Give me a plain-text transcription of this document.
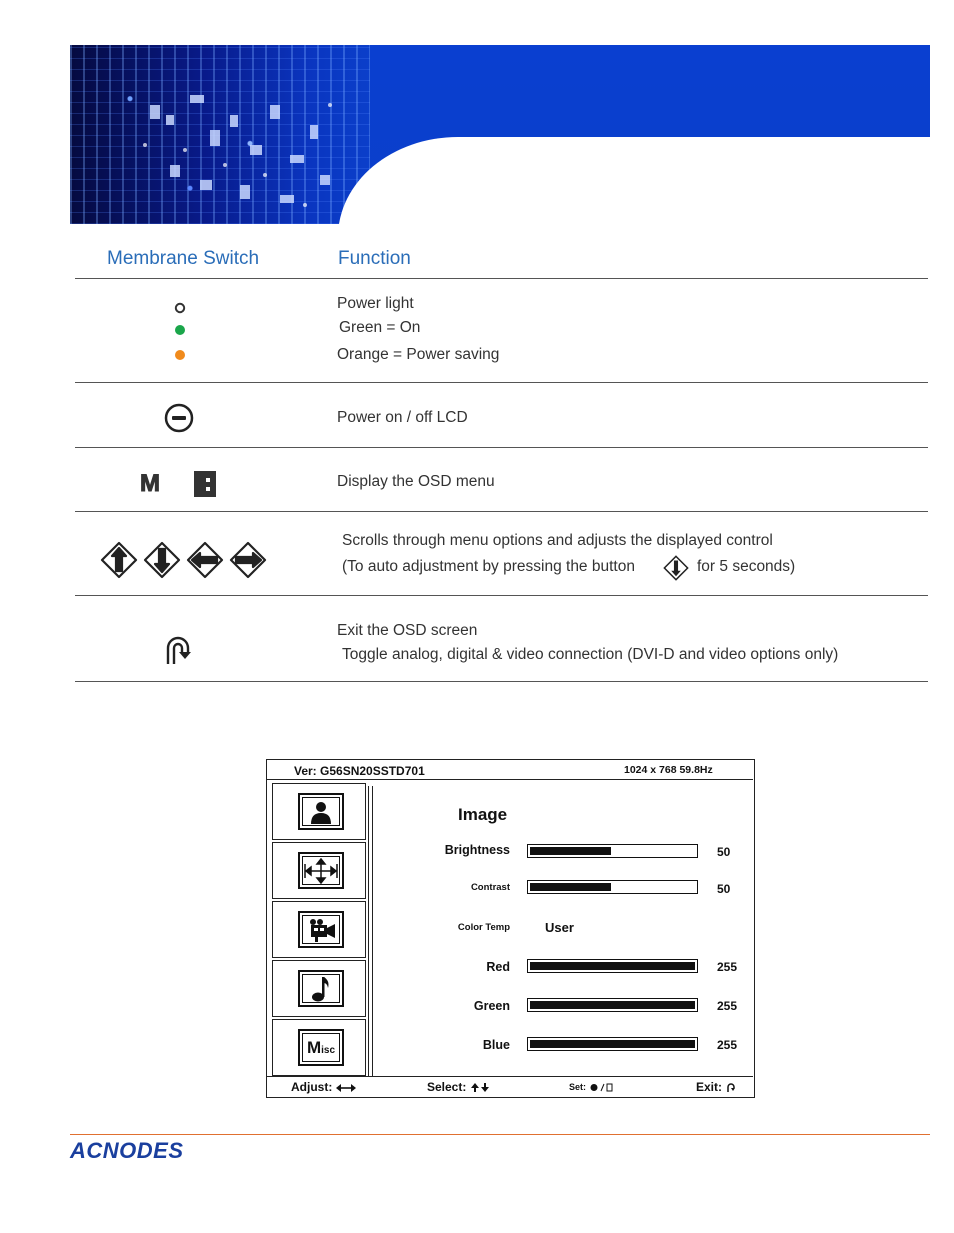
Membrane Switch	Function
Power light
Green = On
Orange = Power saving
Power on / off LCD
M	Display the OSD menu
Scrolls through menu options and adjusts the displayed control
(To auto adjustment by pressing the button	for 5 seconds)
Exit the OSD screen
Toggle analog, digital & video connection (DVI-D and video options only)
Ver: G56SN20SSTD701	1024 x 768 59.8Hz
M isc
Image
Brightness	50
Contrast	50
Color Temp	User
Red	255
Green	255
Blue	255
Adjust:	Select:	Set:	Exit:
ACNODES
